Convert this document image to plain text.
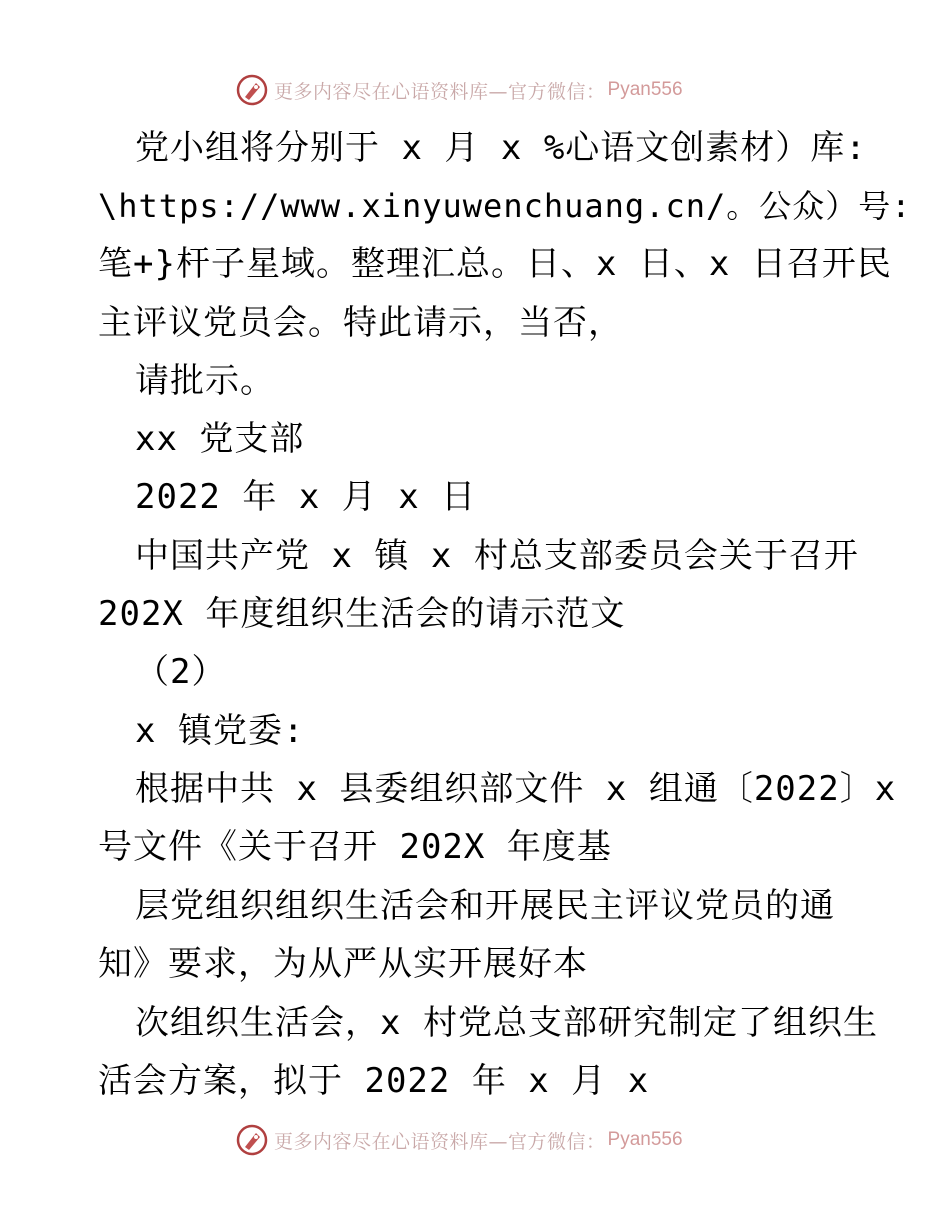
更多内容尽在心语资料库—官方微信： Pyan556
党小组将分别于 x 月 x %心语文创素材）库:
\https://www.xinyuwenchuang.cn/。公众）号:
笔+}杆子星域。整理汇总。日、x 日、x 日召开民
主评议党员会。特此请示，当否，
请批示。
xx 党支部
2022 年 x 月 x 日
中国共产党 x 镇 x 村总支部委员会关于召开
202X 年度组织生活会的请示范文
（2）
x 镇党委:
根据中共 x 县委组织部文件 x 组通〔2022〕x
号文件《关于召开 202X 年度基
层党组织组织生活会和开展民主评议党员的通
知》要求，为从严从实开展好本
次组织生活会，x 村党总支部研究制定了组织生
活会方案，拟于 2022 年 x 月 x
更多内容尽在心语资料库—官方微信： Pyan556
